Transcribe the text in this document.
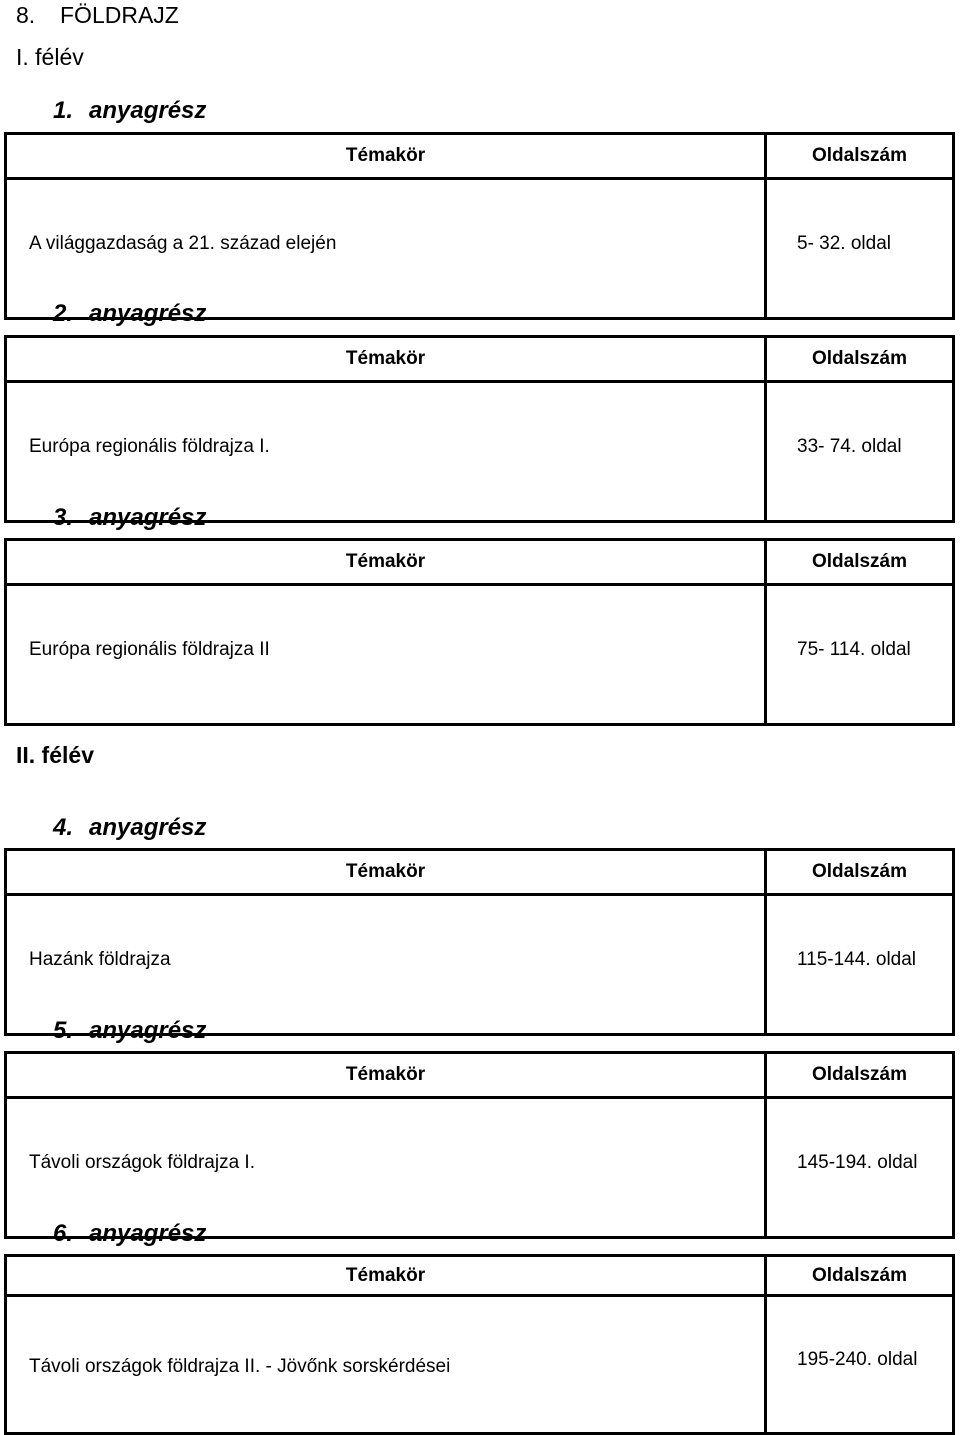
8. FÖLDRAJZ
I. félév
1. anyagrész
Témakör	Oldalszám
A világgazdaság a 21. század elején	5- 32. oldal
2. anyagrész
Témakör	Oldalszám
Európa regionális földrajza I.	33- 74. oldal
3. anyagrész
Témakör	Oldalszám
Európa regionális földrajza II	75- 114. oldal
II. félév
4. anyagrész
Témakör	Oldalszám
Hazánk földrajza	115-144. oldal
5. anyagrész
Témakör	Oldalszám
Távoli országok földrajza I.	145-194. oldal
6. anyagrész
Témakör	Oldalszám
Távoli országok földrajza II. - Jövőnk sorskérdései	195-240. oldal
